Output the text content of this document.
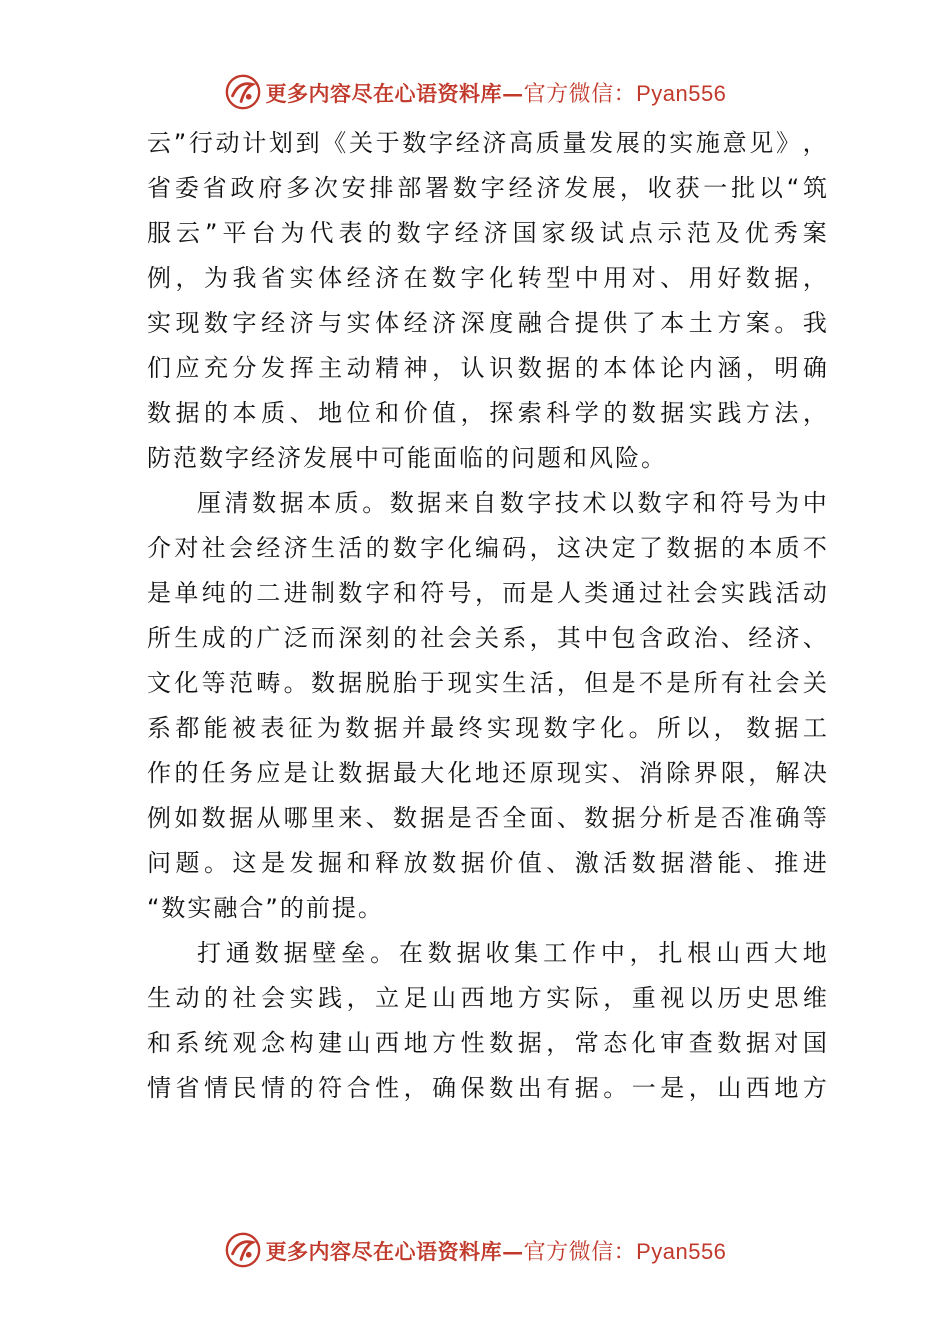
更多内容尽在心语资料库—官方微信：Pyan556
云 ” 行 动 计 划 到 《 关 于 数 字 经 济 高 质 量 发 展 的 实 施 意 见 》 ，
省 委 省 政 府 多 次 安 排 部 署 数 字 经 济 发 展 ， 收 获 一 批 以 “ 筑
服 云 ” 平 台 为 代 表 的 数 字 经 济 国 家 级 试 点 示 范 及 优 秀 案
例 ， 为 我 省 实 体 经 济 在 数 字 化 转 型 中 用 对 、 用 好 数 据 ，
实 现 数 字 经 济 与 实 体 经 济 深 度 融 合 提 供 了 本 土 方 案 。 我
们 应 充 分 发 挥 主 动 精 神 ， 认 识 数 据 的 本 体 论 内 涵 ， 明 确
数 据 的 本 质 、 地 位 和 价 值 ， 探 索 科 学 的 数 据 实 践 方 法 ，
防范数字经济发展中可能面临的问题和风险。
厘 清 数 据 本 质 。 数 据 来 自 数 字 技 术 以 数 字 和 符 号 为 中
介 对 社 会 经 济 生 活 的 数 字 化 编 码 ， 这 决 定 了 数 据 的 本 质 不
是 单 纯 的 二 进 制 数 字 和 符 号 ， 而 是 人 类 通 过 社 会 实 践 活 动
所 生 成 的 广 泛 而 深 刻 的 社 会 关 系 ， 其 中 包 含 政 治 、 经 济 、
文 化 等 范 畴 。 数 据 脱 胎 于 现 实 生 活 ， 但 是 不 是 所 有 社 会 关
系 都 能 被 表 征 为 数 据 并 最 终 实 现 数 字 化 。 所 以 ， 数 据 工
作 的 任 务 应 是 让 数 据 最 大 化 地 还 原 现 实 、 消 除 界 限 ， 解 决
例 如 数 据 从 哪 里 来 、 数 据 是 否 全 面 、 数 据 分 析 是 否 准 确 等
问 题 。 这 是 发 掘 和 释 放 数 据 价 值 、 激 活 数 据 潜 能 、 推 进
“数实融合”的前提。
打 通 数 据 壁 垒 。 在 数 据 收 集 工 作 中 ， 扎 根 山 西 大 地
生 动 的 社 会 实 践 ， 立 足 山 西 地 方 实 际 ， 重 视 以 历 史 思 维
和 系 统 观 念 构 建 山 西 地 方 性 数 据 ， 常 态 化 审 查 数 据 对 国
情 省 情 民 情 的 符 合 性 ， 确 保 数 出 有 据 。 一 是 ， 山 西 地 方
更多内容尽在心语资料库—官方微信：Pyan556
